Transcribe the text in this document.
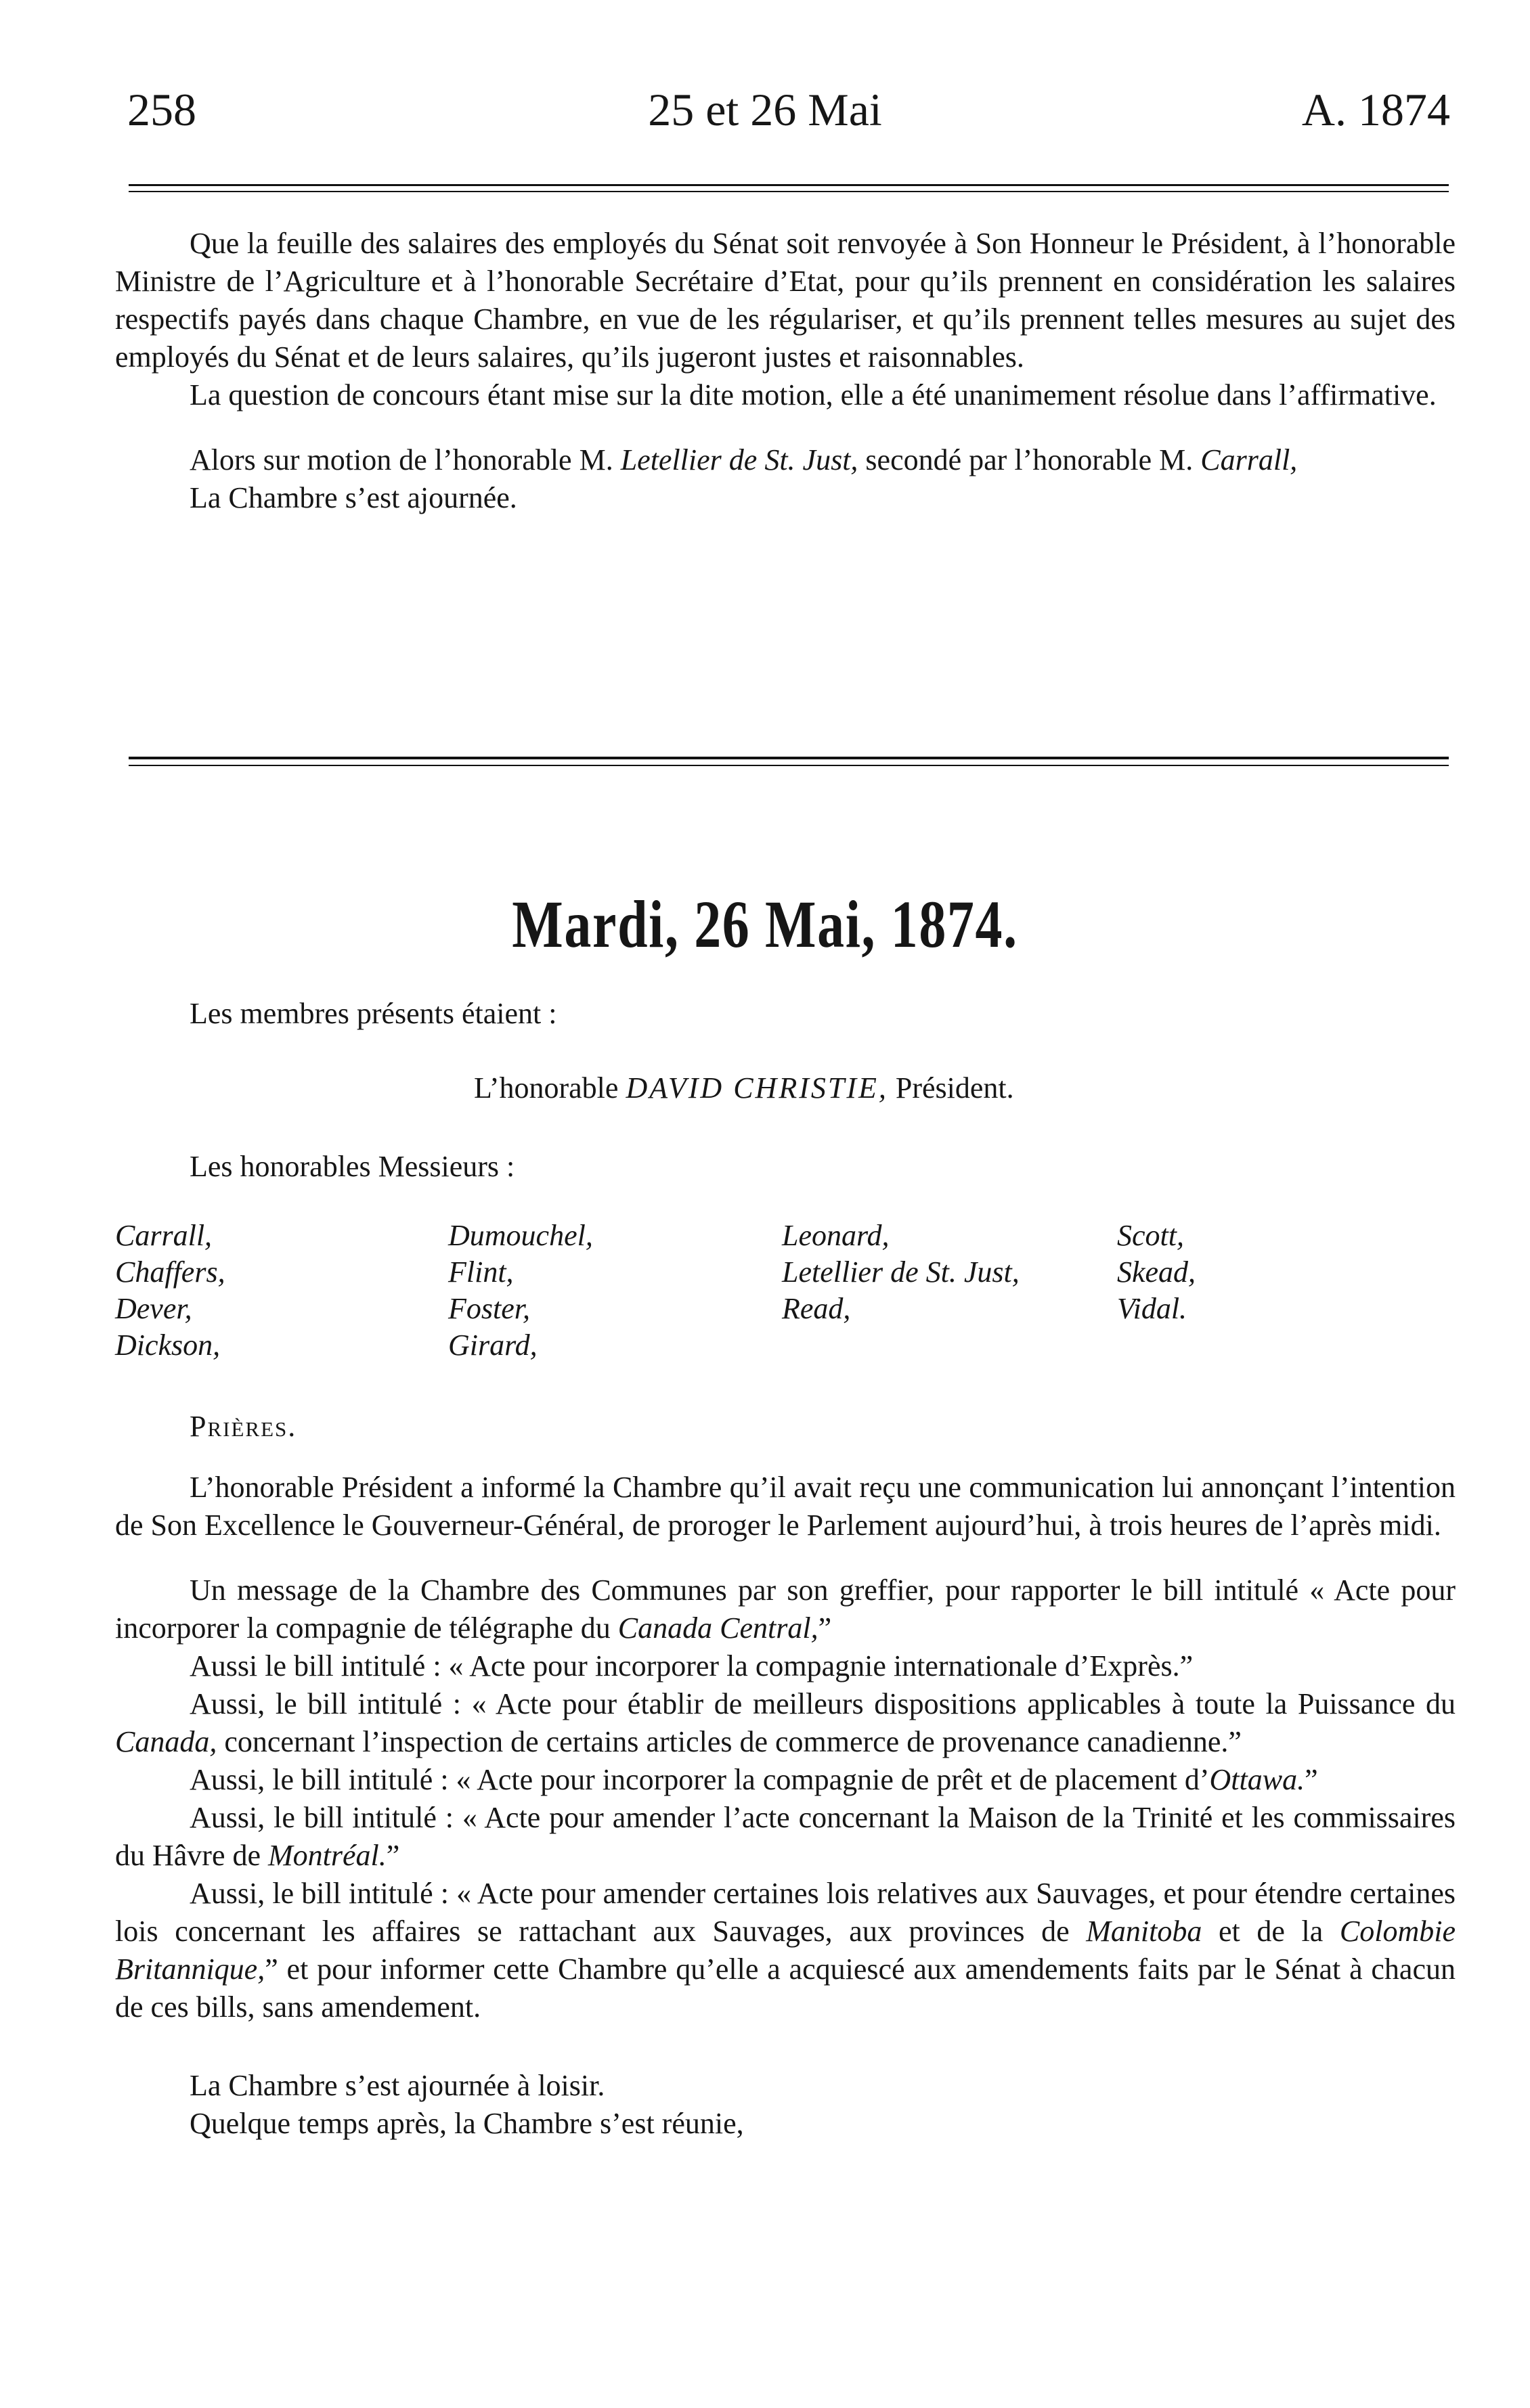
258	25 et 26 Mai	A. 1874

Que la feuille des salaires des employés du Sénat soit renvoyée à Son Honneur le Président, à l’honorable Ministre de l’Agriculture et à l’honorable Secrétaire d’Etat, pour qu’ils prennent en considération les salaires respectifs payés dans chaque Chambre, en vue de les régulariser, et qu’ils prennent telles mesures au sujet des employés du Sénat et de leurs salaires, qu’ils jugeront justes et raisonnables.

La question de concours étant mise sur la dite motion, elle a été unanimement résolue dans l’affirmative.

Alors sur motion de l’honorable M. Letellier de St. Just, secondé par l’honorable M. Carrall,

La Chambre s’est ajournée.

Mardi, 26 Mai, 1874.
Les membres présents étaient :
L’honorable DAVID CHRISTIE, Président.
Les honorables Messieurs :
Carrall,
Chaffers,
Dever,
Dickson,
Dumouchel,
Flint,
Foster,
Girard,
Leonard,
Letellier de St. Just,
Read,
Scott,
Skead,
Vidal.
Prières.

L’honorable Président a informé la Chambre qu’il avait reçu une communication lui annonçant l’intention de Son Excellence le Gouverneur-Général, de proroger le Parlement aujourd’hui, à trois heures de l’après midi.

Un message de la Chambre des Communes par son greffier, pour rapporter le bill intitulé « Acte pour incorporer la compagnie de télégraphe du Canada Central,”

Aussi le bill intitulé : « Acte pour incorporer la compagnie internationale d’Exprès.”

Aussi, le bill intitulé : « Acte pour établir de meilleurs dispositions applicables à toute la Puissance du Canada, concernant l’inspection de certains articles de commerce de provenance canadienne.”

Aussi, le bill intitulé : « Acte pour incorporer la compagnie de prêt et de placement d’Ottawa.”

Aussi, le bill intitulé : « Acte pour amender l’acte concernant la Maison de la Trinité et les commissaires du Hâvre de Montréal.”

Aussi, le bill intitulé : « Acte pour amender certaines lois relatives aux Sauvages, et pour étendre certaines lois concernant les affaires se rattachant aux Sauvages, aux provinces de Manitoba et de la Colombie Britannique,” et pour informer cette Chambre qu’elle a acquiescé aux amendements faits par le Sénat à chacun de ces bills, sans amendement.

La Chambre s’est ajournée à loisir.

Quelque temps après, la Chambre s’est réunie,
